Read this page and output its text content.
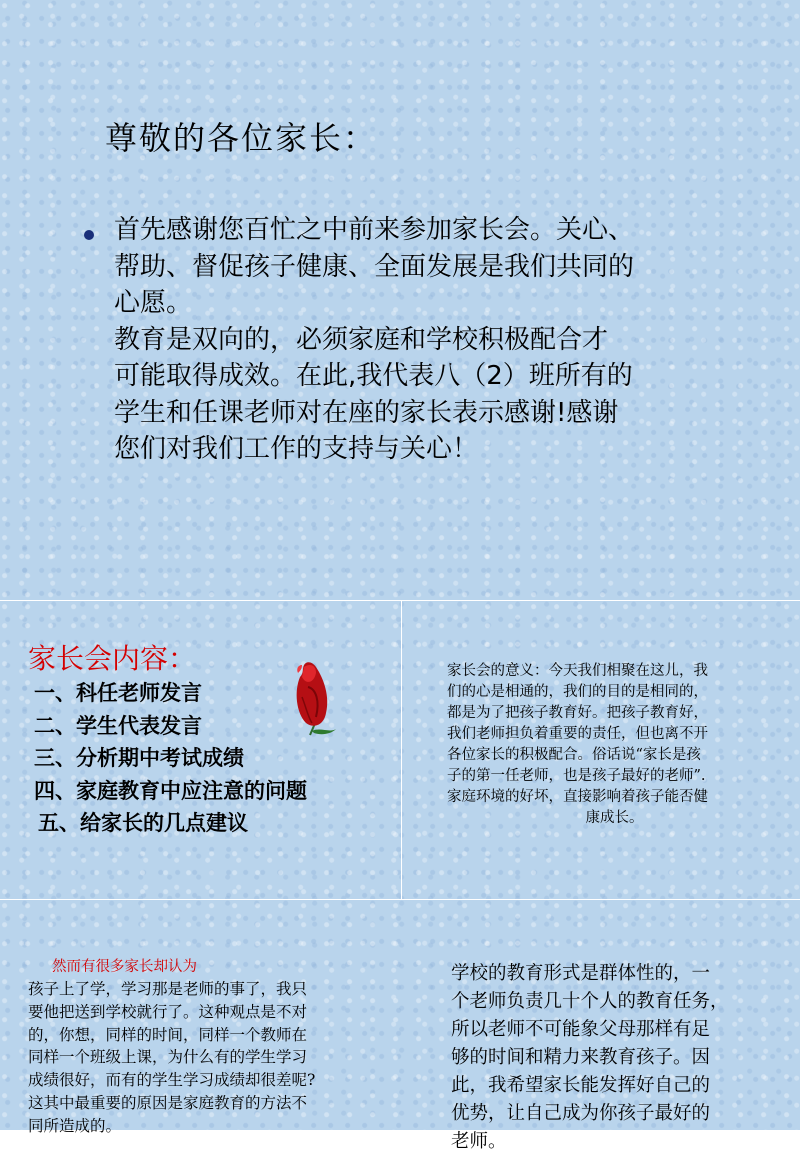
尊敬的各位家长：
首先感谢您百忙之中前来参加家长会。关心、
帮助、督促孩子健康、全面发展是我们共同的
心愿。
教育是双向的，必须家庭和学校积极配合才
可能取得成效。在此,我代表八（2）班所有的
学生和任课老师对在座的家长表示感谢!感谢
您们对我们工作的支持与关心！
家长会内容：
一、科任老师发言
二、学生代表发言
三、分析期中考试成绩
四、家庭教育中应注意的问题
五、给家长的几点建议
家长会的意义：今天我们相聚在这儿，我
们的心是相通的，我们的目的是相同的，
都是为了把孩子教育好。把孩子教育好，
我们老师担负着重要的责任，但也离不开
各位家长的积极配合。俗话说“家长是孩
子的第一任老师，也是孩子最好的老师”.
家庭环境的好坏，直接影响着孩子能否健
康成长。
然而有很多家长却认为
孩子上了学，学习那是老师的事了，我只
要他把送到学校就行了。这种观点是不对
的，你想，同样的时间，同样一个教师在
同样一个班级上课，为什么有的学生学习
成绩很好，而有的学生学习成绩却很差呢?
这其中最重要的原因是家庭教育的方法不
同所造成的。
学校的教育形式是群体性的，一
个老师负责几十个人的教育任务，
所以老师不可能象父母那样有足
够的时间和精力来教育孩子。因
此，我希望家长能发挥好自己的
优势，让自己成为你孩子最好的
老师。
